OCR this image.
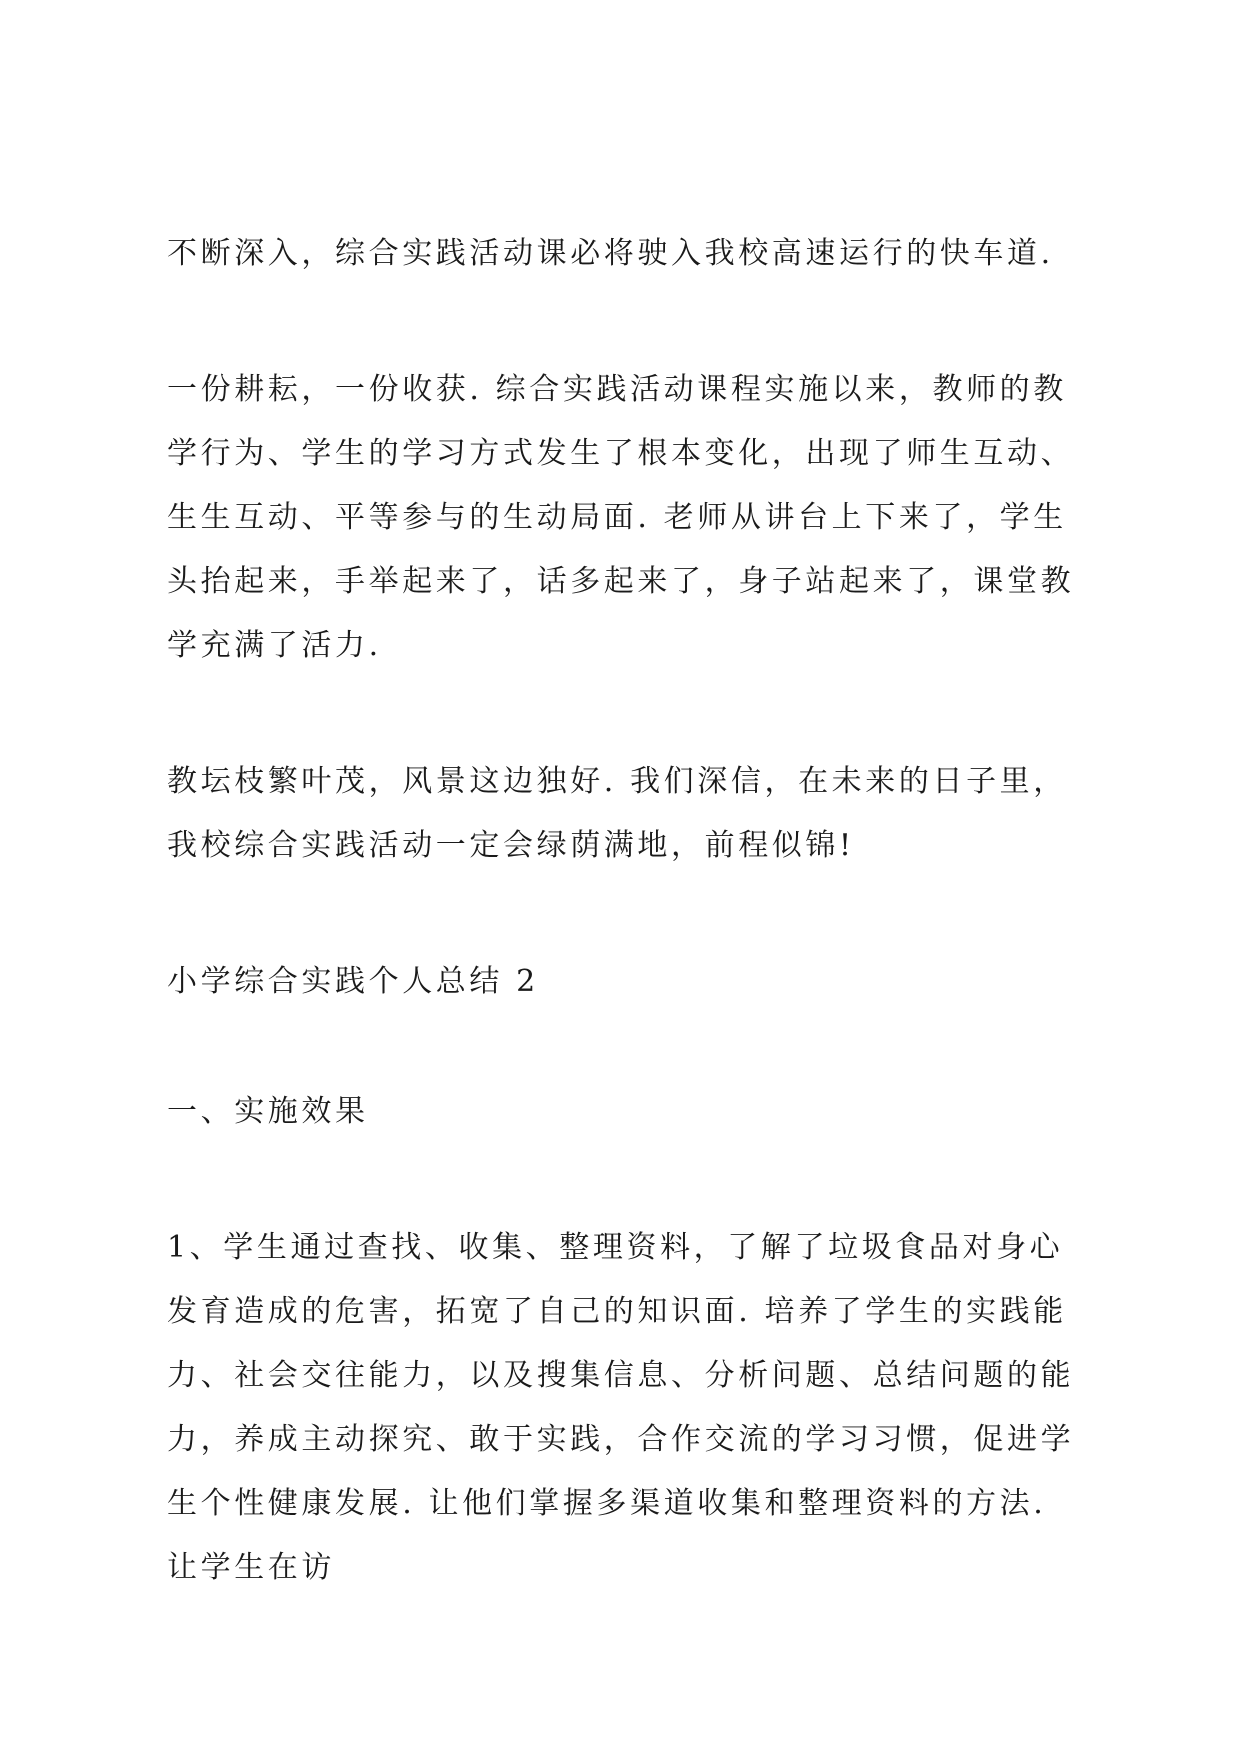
不断深入，综合实践活动课必将驶入我校高速运行的快车道.

一份耕耘，一份收获. 综合实践活动课程实施以来，教师的教学行为、学生的学习方式发生了根本变化，出现了师生互动、生生互动、平等参与的生动局面. 老师从讲台上下来了，学生头抬起来，手举起来了，话多起来了，身子站起来了，课堂教学充满了活力.

教坛枝繁叶茂，风景这边独好. 我们深信，在未来的日子里，我校综合实践活动一定会绿荫满地，前程似锦!

小学综合实践个人总结 2

一、实施效果

1、学生通过查找、收集、整理资料，了解了垃圾食品对身心发育造成的危害，拓宽了自己的知识面. 培养了学生的实践能力、社会交往能力，以及搜集信息、分析问题、总结问题的能力，养成主动探究、敢于实践，合作交流的学习习惯，促进学生个性健康发展. 让他们掌握多渠道收集和整理资料的方法. 让学生在访
